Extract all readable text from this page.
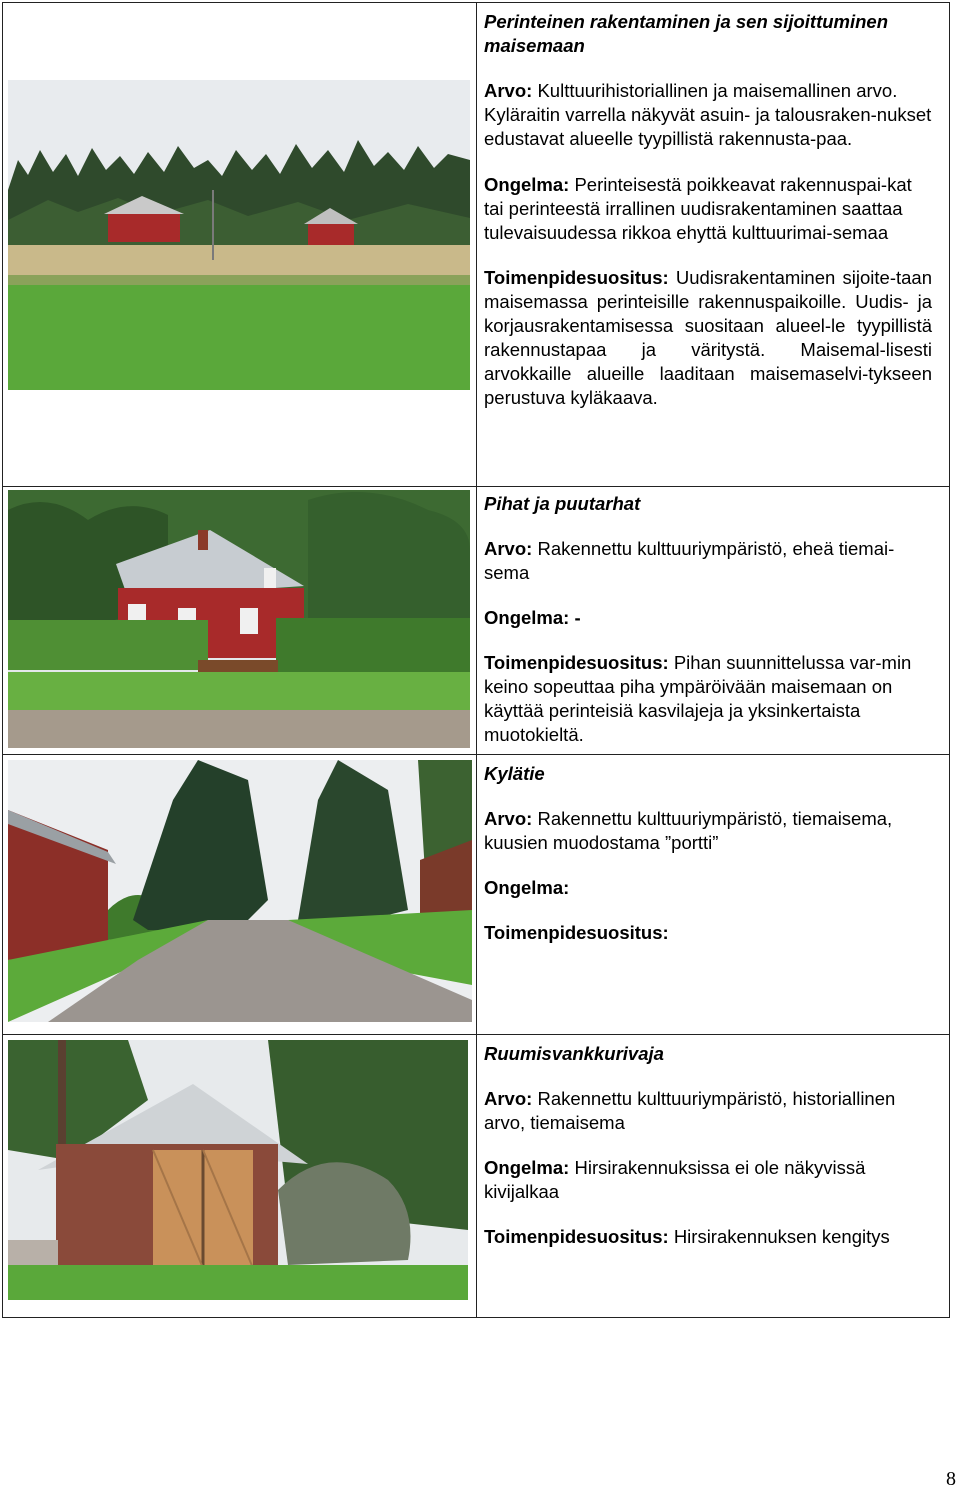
Perinteinen rakentaminen ja sen sijoittuminen maisemaan

Arvo: Kulttuurihistoriallinen ja maisemallinen arvo. Kyläraitin varrella näkyvät asuin- ja talousraken-nukset edustavat alueelle tyypillistä rakennusta-paa.

Ongelma: Perinteisestä poikkeavat rakennuspai-kat tai perinteestä irrallinen uudisrakentaminen saattaa tulevaisuudessa rikkoa ehyttä kulttuurimai-semaa

Toimenpidesuositus: Uudisrakentaminen sijoite-taan maisemassa perinteisille rakennuspaikoille. Uudis- ja korjausrakentamisessa suositaan alueel-le tyypillistä rakennustapaa ja väritystä. Maisemal-lisesti arvokkaille alueille laaditaan maisemaselvi-tykseen perustuva kyläkaava.

Pihat ja puutarhat

Arvo: Rakennettu kulttuuriympäristö, eheä tiemai-sema

Ongelma: -

Toimenpidesuositus: Pihan suunnittelussa var-min keino sopeuttaa piha ympäröivään maisemaan on käyttää perinteisiä kasvilajeja ja yksinkertaista muotokieltä.

Kylätie

Arvo: Rakennettu kulttuuriympäristö, tiemaisema, kuusien muodostama ”portti”

Ongelma:

Toimenpidesuositus:

Ruumisvankkurivaja

Arvo: Rakennettu kulttuuriympäristö, historiallinen arvo, tiemaisema

Ongelma: Hirsirakennuksissa ei ole näkyvissä kivijalkaa

Toimenpidesuositus: Hirsirakennuksen kengitys

8
